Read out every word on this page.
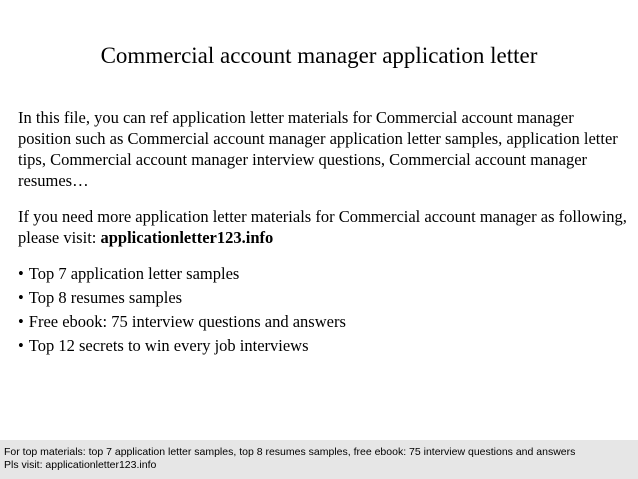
Commercial account manager application letter

In this file, you can ref application letter materials for Commercial account manager position such as Commercial account manager application letter samples, application letter tips, Commercial account manager interview questions, Commercial account manager resumes…

If you need more application letter materials for Commercial account manager as following, please visit: applicationletter123.info

• Top 7 application letter samples
• Top 8 resumes samples
• Free ebook: 75 interview questions and answers
• Top 12 secrets to win every job interviews
For top materials: top 7 application letter samples, top 8 resumes samples, free ebook: 75 interview questions and answers
Pls visit: applicationletter123.info
